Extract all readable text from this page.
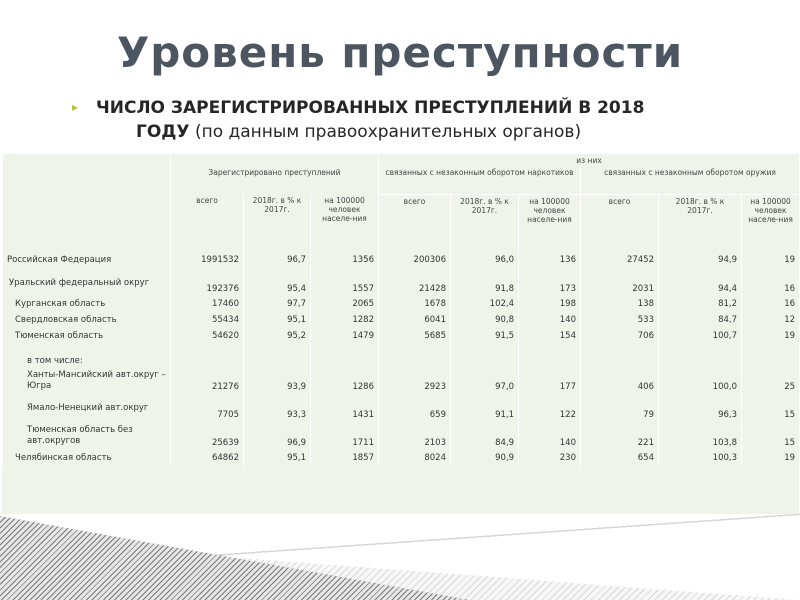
Уровень преступности
▸ ЧИСЛО ЗАРЕГИСТРИРОВАННЫХ ПРЕСТУПЛЕНИЙ В 2018
ГОДУ (по данным правоохранительных органов)
				из них					
	Зарегистрировано преступлений			связанных с незаконным оборотом наркотиков			связанных с незаконным оборотом оружия		
	всего	2018г. в % к 2017г.	на 100000 человек населе-ния	всего	2018г. в % к 2017г.	на 100000 человек населе-ния	всего	2018г. в % к 2017г.	на 100000 человек населе-ния
Российская Федерация	1991532	96,7	1356	200306	96,0	136	27452	94,9	19
Уральский федеральный округ	192376	95,4	1557	21428	91,8	173	2031	94,4	16
Курганская область	17460	97,7	2065	1678	102,4	198	138	81,2	16
Свердловская область	55434	95,1	1282	6041	90,8	140	533	84,7	12
Тюменская область	54620	95,2	1479	5685	91,5	154	706	100,7	19
в том числе:									
Ханты-Мансийский авт.округ – Югра	21276	93,9	1286	2923	97,0	177	406	100,0	25
Ямало-Ненецкий авт.округ	7705	93,3	1431	659	91,1	122	79	96,3	15
Тюменская область без авт.округов	25639	96,9	1711	2103	84,9	140	221	103,8	15
Челябинская область	64862	95,1	1857	8024	90,9	230	654	100,3	19
